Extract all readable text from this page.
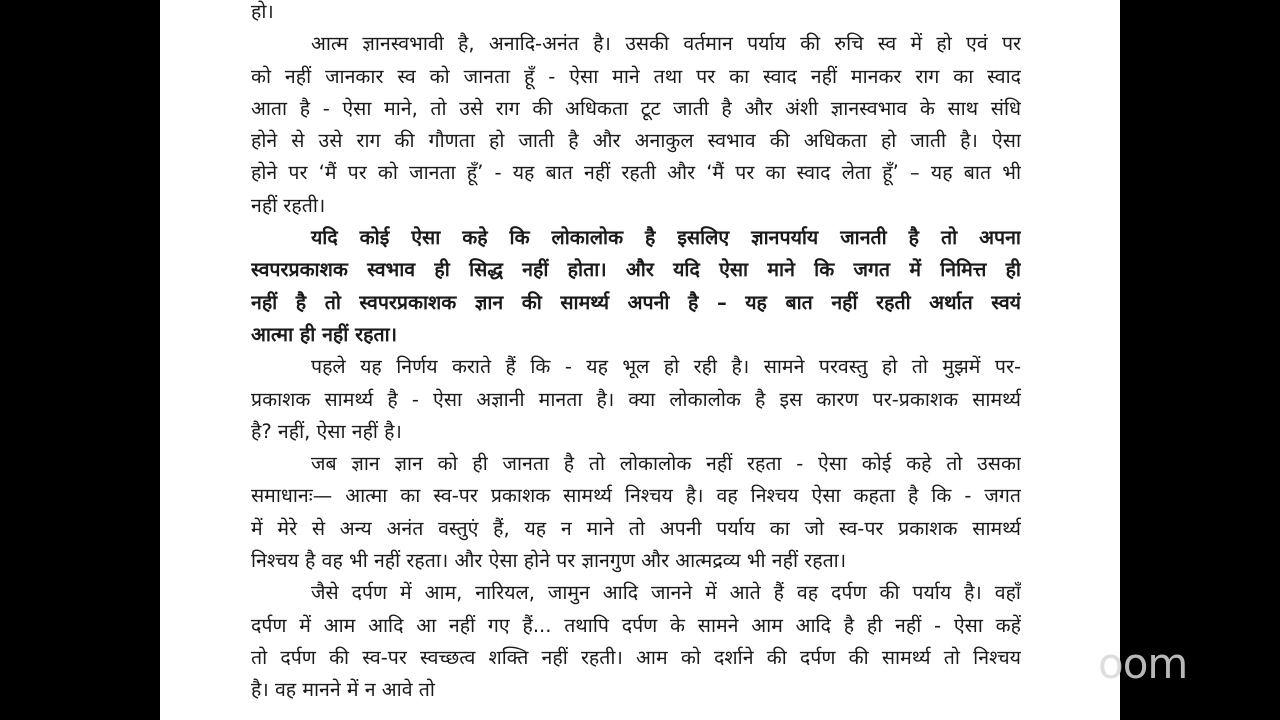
हो।
आत्म ज्ञानस्वभावी है, अनादि-अनंत है। उसकी वर्तमान पर्याय की रुचि स्व में हो एवं पर
को नहीं जानकार स्व को जानता हूँ - ऐसा माने तथा पर का स्वाद नहीं मानकर राग का स्वाद
आता है - ऐसा माने, तो उसे राग की अधिकता टूट जाती है और अंशी ज्ञानस्वभाव के साथ संधि
होने से उसे राग की गौणता हो जाती है और अनाकुल स्वभाव की अधिकता हो जाती है। ऐसा
होने पर ‘मैं पर को जानता हूँ’ - यह बात नहीं रहती और ‘मैं पर का स्वाद लेता हूँ’ – यह बात भी
नहीं रहती।
यदि कोई ऐसा कहे कि लोकालोक है इसलिए ज्ञानपर्याय जानती है तो अपना
स्वपरप्रकाशक स्वभाव ही सिद्ध नहीं होता। और यदि ऐसा माने कि जगत में निमित्त ही
नहीं है तो स्वपरप्रकाशक ज्ञान की सामर्थ्य अपनी है – यह बात नहीं रहती अर्थात स्वयं
आत्मा ही नहीं रहता।
पहले यह निर्णय कराते हैं कि - यह भूल हो रही है। सामने परवस्तु हो तो मुझमें पर-
प्रकाशक सामर्थ्य है - ऐसा अज्ञानी मानता है। क्या लोकालोक है इस कारण पर-प्रकाशक सामर्थ्य
है? नहीं, ऐसा नहीं है।
जब ज्ञान ज्ञान को ही जानता है तो लोकालोक नहीं रहता - ऐसा कोई कहे तो उसका
समाधानः— आत्मा का स्व-पर प्रकाशक सामर्थ्य निश्चय है। वह निश्चय ऐसा कहता है कि - जगत
में मेरे से अन्य अनंत वस्तुएं हैं, यह न माने तो अपनी पर्याय का जो स्व-पर प्रकाशक सामर्थ्य
निश्चय है वह भी नहीं रहता। और ऐसा होने पर ज्ञानगुण और आत्मद्रव्य भी नहीं रहता।
जैसे दर्पण में आम, नारियल, जामुन आदि जानने में आते हैं वह दर्पण की पर्याय है। वहाँ
दर्पण में आम आदि आ नहीं गए हैं... तथापि दर्पण के सामने आम आदि है ही नहीं - ऐसा कहें
तो दर्पण की स्व-पर स्वच्छत्व शक्ति नहीं रहती। आम को दर्शाने की दर्पण की सामर्थ्य तो निश्चय
है। वह मानने में न आवे तो
oom
